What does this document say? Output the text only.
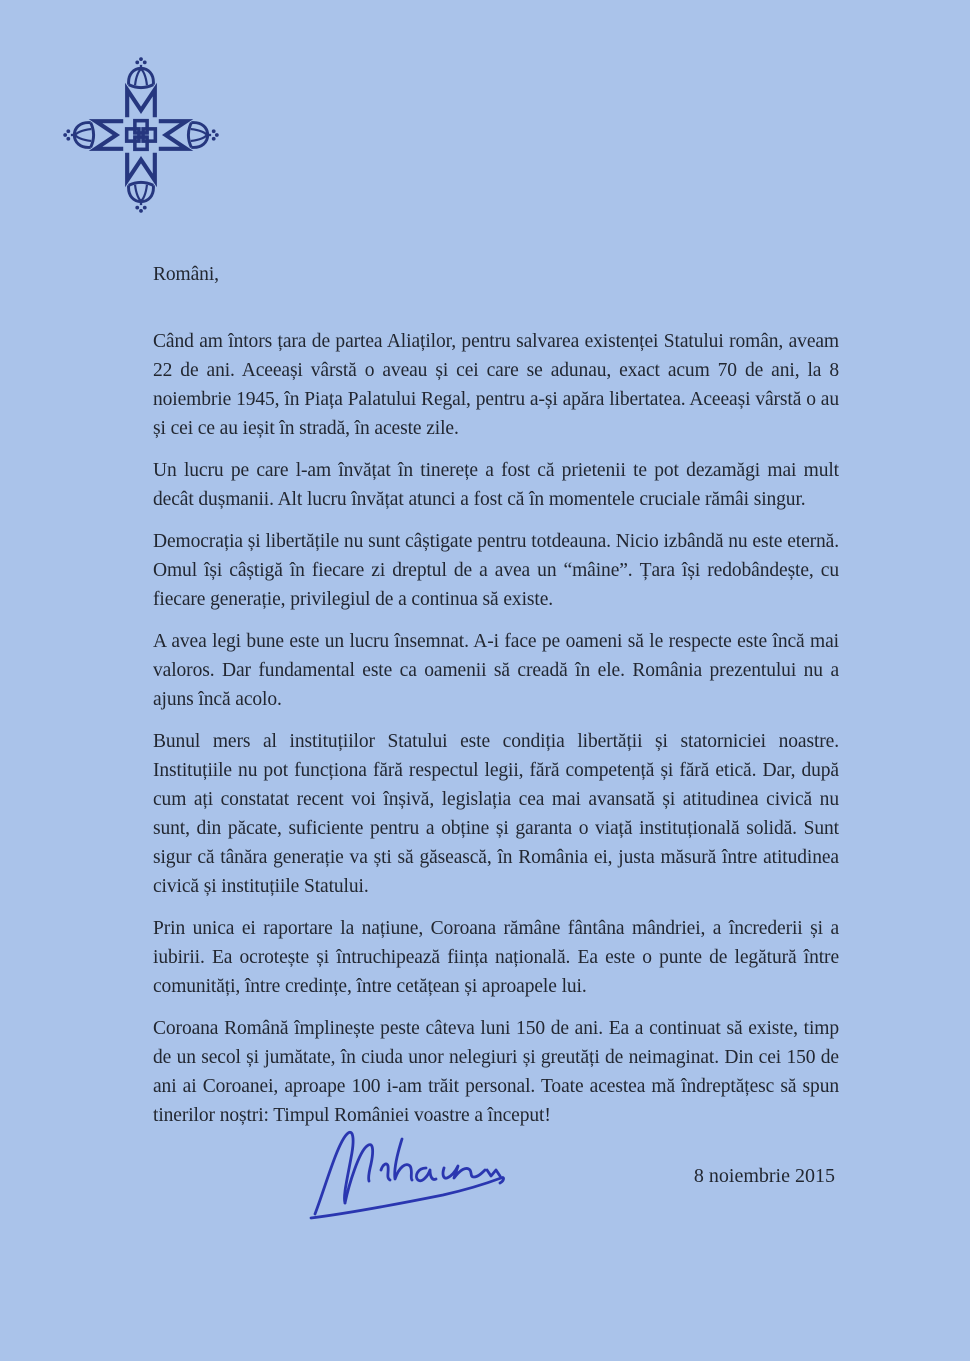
Români,

Când am întors țara de partea Aliaților, pentru salvarea existenței Statului român, aveam 22 de ani. Aceeași vârstă o aveau și cei care se adunau, exact acum 70 de ani, la 8 noiembrie 1945, în Piața Palatului Regal, pentru a-și apăra libertatea. Aceeași vârstă o au și cei ce au ieșit în stradă, în aceste zile.

Un lucru pe care l-am învățat în tinerețe a fost că prietenii te pot dezamăgi mai mult decât dușmanii. Alt lucru învățat atunci a fost că în momentele cruciale rămâi singur.

Democrația și libertățile nu sunt câștigate pentru totdeauna. Nicio izbândă nu este eternă. Omul își câștigă în fiecare zi dreptul de a avea un “mâine”. Țara își redobândește, cu fiecare generație, privilegiul de a continua să existe.

A avea legi bune este un lucru însemnat. A-i face pe oameni să le respecte este încă mai valoros. Dar fundamental este ca oamenii să creadă în ele. România prezentului nu a ajuns încă acolo.

Bunul mers al instituțiilor Statului este condiția libertății și statorniciei noastre. Instituțiile nu pot funcționa fără respectul legii, fără competență și fără etică. Dar, după cum ați constatat recent voi înșivă, legislația cea mai avansată și atitudinea civică nu sunt, din păcate, suficiente pentru a obține și garanta o viață instituțională solidă. Sunt sigur că tânăra generație va ști să găsească, în România ei, justa măsură între atitudinea civică și instituțiile Statului.

Prin unica ei raportare la națiune, Coroana rămâne fântâna mândriei, a încrederii și a iubirii. Ea ocrotește și întruchipează ființa națională. Ea este o punte de legătură între comunități, între credințe, între cetățean și aproapele lui.

Coroana Română împlinește peste câteva luni 150 de ani. Ea a continuat să existe, timp de un secol și jumătate, în ciuda unor nelegiuri și greutăți de neimaginat. Din cei 150 de ani ai Coroanei, aproape 100 i-am trăit personal. Toate acestea mă îndreptățesc să spun tinerilor noștri: Timpul României voastre a început!

8 noiembrie 2015
